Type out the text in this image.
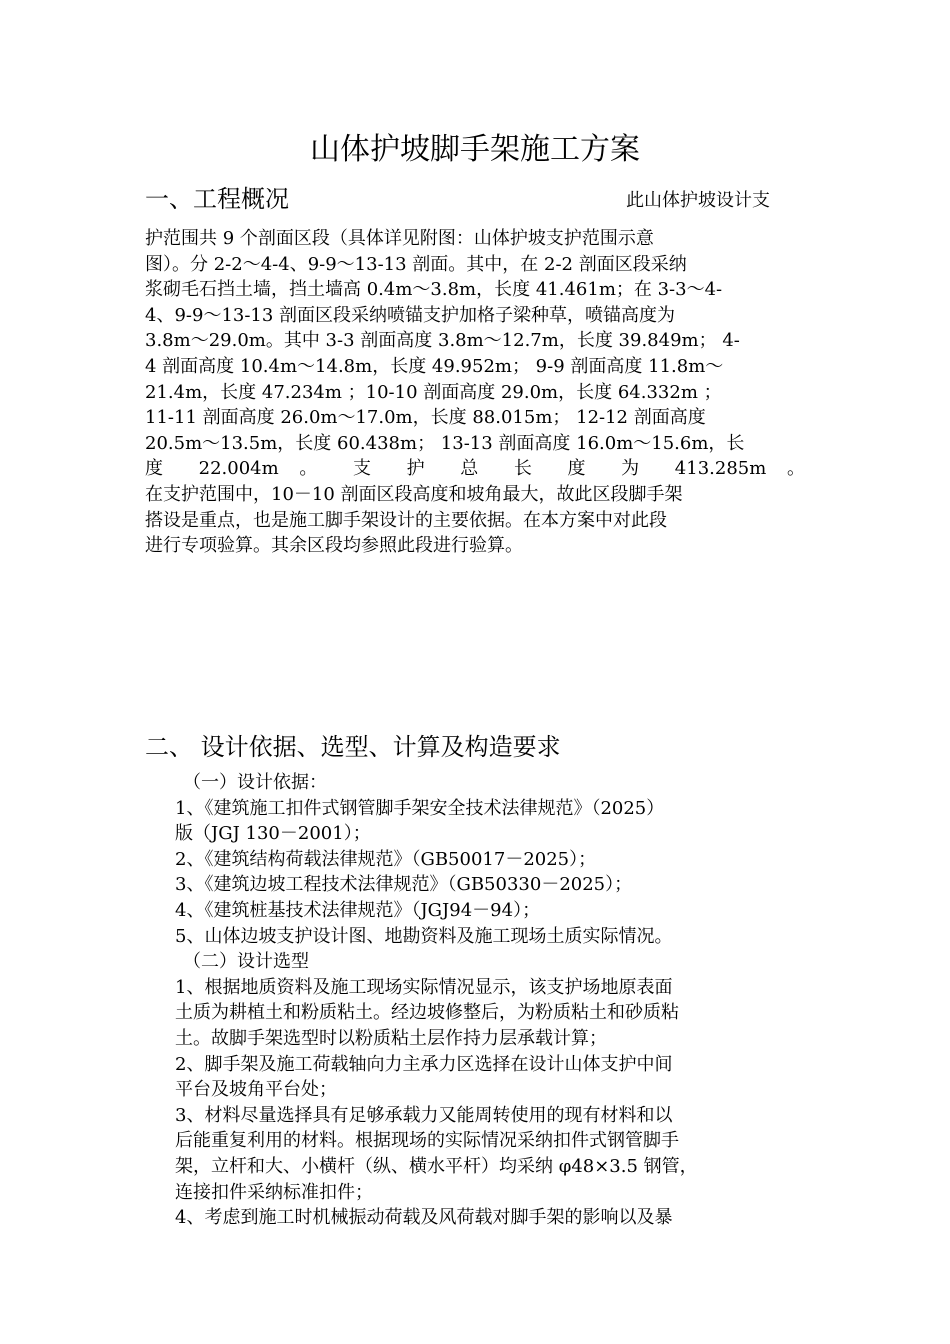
山体护坡脚手架施工方案
一、工程概况	此山体护坡设计支
护范围共 9 个剖面区段（具体详见附图：山体护坡支护范围示意
图）。分 2-2～4-4、9-9～13-13 剖面。其中，在 2-2 剖面区段采纳
浆砌毛石挡土墙，挡土墙高 0.4m～3.8m，长度 41.461m；在 3-3～4-
4、9-9～13-13 剖面区段采纳喷锚支护加格子梁种草，喷锚高度为
3.8m～29.0m。其中 3-3 剖面高度 3.8m～12.7m，长度 39.849m； 4-
4 剖面高度 10.4m～14.8m，长度 49.952m； 9-9 剖面高度 11.8m～
21.4m，长度 47.234m ；10-10 剖面高度 29.0m，长度 64.332m ；
11-11 剖面高度 26.0m～17.0m，长度 88.015m； 12-12 剖面高度
20.5m～13.5m，长度 60.438m； 13-13 剖面高度 16.0m～15.6m，长
度 22.004m 。 支 护 总 长 度 为 413.285m 。
在支护范围中，10－10 剖面区段高度和坡角最大，故此区段脚手架
搭设是重点，也是施工脚手架设计的主要依据。在本方案中对此段
进行专项验算。其余区段均参照此段进行验算。
二、 设计依据、选型、计算及构造要求
（一）设计依据：
1、《建筑施工扣件式钢管脚手架安全技术法律规范》（2025）
版（JGJ 130－2001）；
2、《建筑结构荷载法律规范》（GB50017－2025）；
3、《建筑边坡工程技术法律规范》（GB50330－2025）；
4、《建筑桩基技术法律规范》（JGJ94－94）；
5、山体边坡支护设计图、地勘资料及施工现场土质实际情况。
（二）设计选型
1、根据地质资料及施工现场实际情况显示，该支护场地原表面
土质为耕植土和粉质粘土。经边坡修整后，为粉质粘土和砂质粘
土。故脚手架选型时以粉质粘土层作持力层承载计算；
2、脚手架及施工荷载轴向力主承力区选择在设计山体支护中间
平台及坡角平台处；
3、材料尽量选择具有足够承载力又能周转使用的现有材料和以
后能重复利用的材料。根据现场的实际情况采纳扣件式钢管脚手
架，立杆和大、小横杆（纵、横水平杆）均采纳 φ48×3.5 钢管，
连接扣件采纳标准扣件；
4、考虑到施工时机械振动荷载及风荷载对脚手架的影响以及暴
